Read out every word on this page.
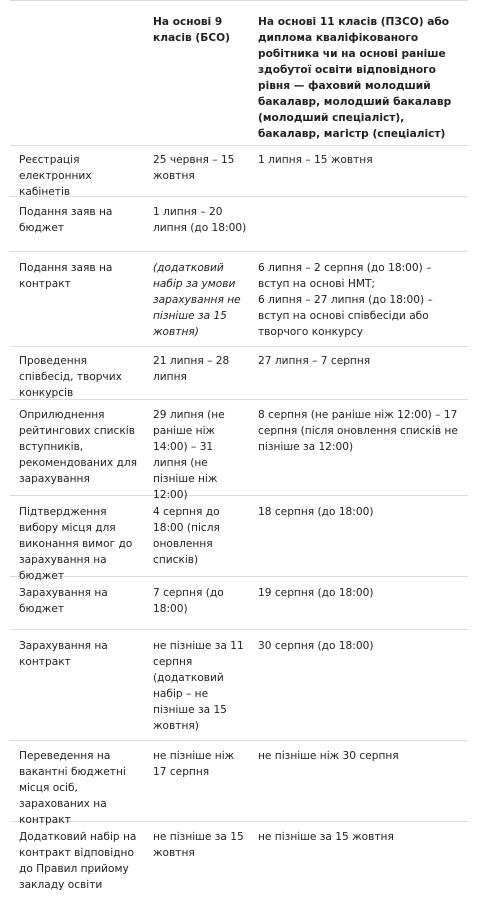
На основі 9 класів (БСО)
На основі 11 класів (ПЗСО) або диплома кваліфікованого робітника чи на основі раніше здобутої освіти відповідного рівня — фаховий молодший бакалавр, молодший бакалавр (молодший спеціаліст), бакалавр, магістр (спеціаліст)
Реєстрація електронних кабінетів
25 червня – 15 жовтня
1 липня – 15 жовтня
Подання заяв на бюджет
1 липня – 20 липня (до 18:00)
Подання заяв на контракт
(додатковий набір за умови зарахування не пізніше за 15 жовтня)
6 липня – 2 серпня (до 18:00) – вступ на основі НМТ;
6 липня – 27 липня (до 18:00) – вступ на основі співбесіди або творчого конкурсу
Проведення співбесід, творчих конкурсів
21 липня – 28 липня
27 липня – 7 серпня
Оприлюднення рейтингових списків вступників, рекомендованих для зарахування
29 липня (не раніше ніж 14:00) – 31 липня (не пізніше ніж 12:00)
8 серпня (не раніше ніж 12:00) – 17 серпня (після оновлення списків не пізніше за 12:00)
Підтвердження вибору місця для виконання вимог до зарахування на бюджет
4 серпня до 18:00 (після оновлення списків)
18 серпня (до 18:00)
Зарахування на бюджет
7 серпня (до 18:00)
19 серпня (до 18:00)
Зарахування на контракт
не пізніше за 11 серпня (додатковий набір – не пізніше за 15 жовтня)
30 серпня (до 18:00)
Переведення на вакантні бюджетні місця осіб, зарахованих на контракт
не пізніше ніж 17 серпня
не пізніше ніж 30 серпня
Додатковий набір на контракт відповідно до Правил прийому закладу освіти
не пізніше за 15 жовтня
не пізніше за 15 жовтня
